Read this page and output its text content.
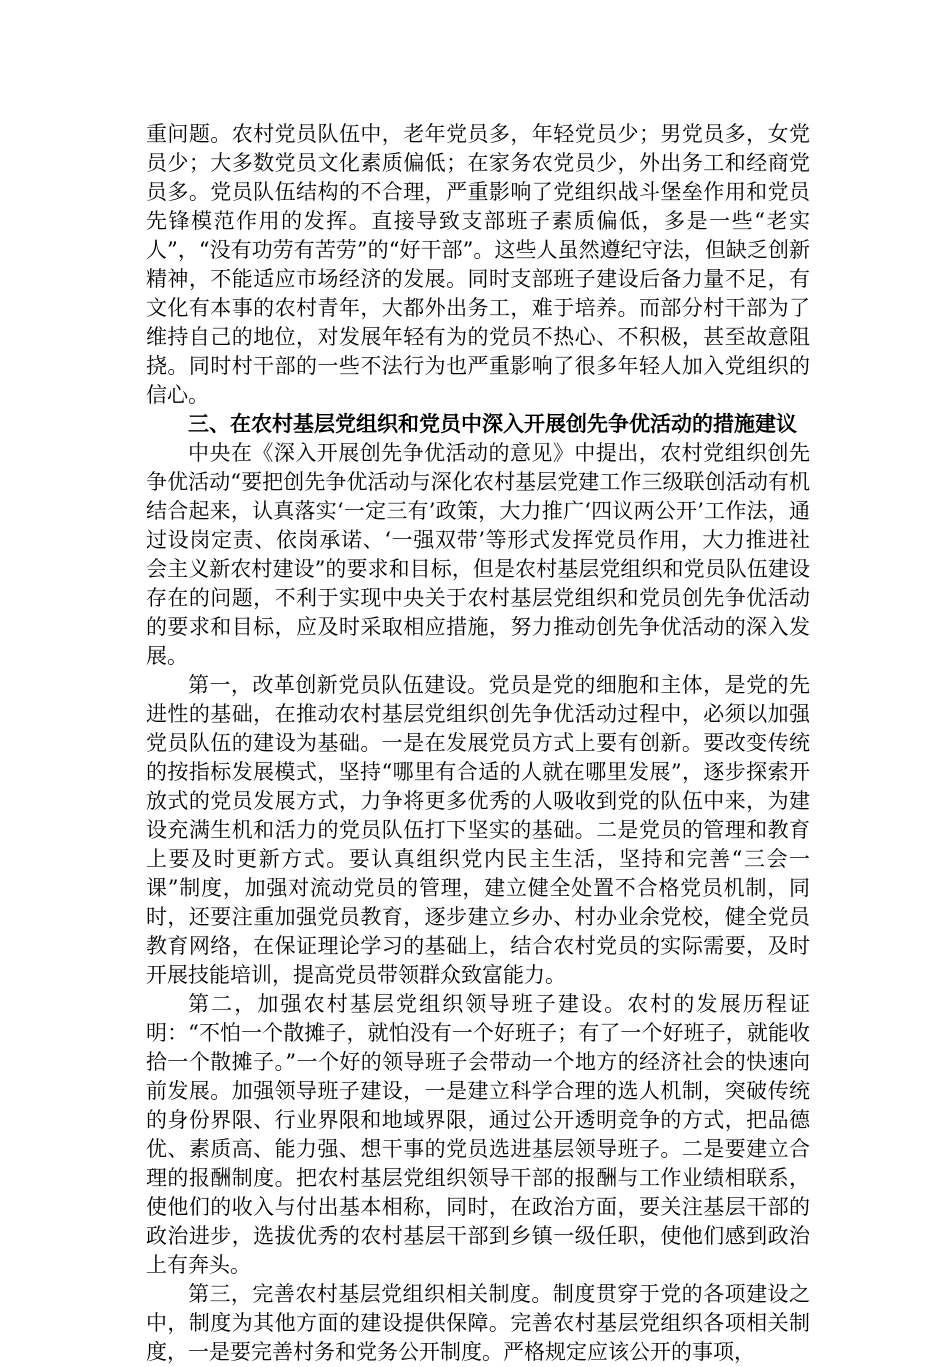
重问题。农村党员队伍中，老年党员多，年轻党员少；男党员多，女党员少；大多数党员文化素质偏低；在家务农党员少，外出务工和经商党员多。党员队伍结构的不合理，严重影响了党组织战斗堡垒作用和党员先锋模范作用的发挥。直接导致支部班子素质偏低，多是一些“老实人”，“没有功劳有苦劳”的“好干部”。这些人虽然遵纪守法，但缺乏创新精神，不能适应市场经济的发展。同时支部班子建设后备力量不足，有文化有本事的农村青年，大都外出务工，难于培养。而部分村干部为了维持自己的地位，对发展年轻有为的党员不热心、不积极，甚至故意阻挠。同时村干部的一些不法行为也严重影响了很多年轻人加入党组织的信心。

三、在农村基层党组织和党员中深入开展创先争优活动的措施建议

中央在《深入开展创先争优活动的意见》中提出，农村党组织创先争优活动“要把创先争优活动与深化农村基层党建工作三级联创活动有机结合起来，认真落实‘一定三有’政策，大力推广‘四议两公开’工作法，通过设岗定责、依岗承诺、‘一强双带’等形式发挥党员作用，大力推进社会主义新农村建设”的要求和目标，但是农村基层党组织和党员队伍建设存在的问题，不利于实现中央关于农村基层党组织和党员创先争优活动的要求和目标，应及时采取相应措施，努力推动创先争优活动的深入发展。

第一，改革创新党员队伍建设。党员是党的细胞和主体，是党的先进性的基础，在推动农村基层党组织创先争优活动过程中，必须以加强党员队伍的建设为基础。一是在发展党员方式上要有创新。要改变传统的按指标发展模式，坚持“哪里有合适的人就在哪里发展”，逐步探索开放式的党员发展方式，力争将更多优秀的人吸收到党的队伍中来，为建设充满生机和活力的党员队伍打下坚实的基础。二是党员的管理和教育上要及时更新方式。要认真组织党内民主生活，坚持和完善“三会一课”制度，加强对流动党员的管理，建立健全处置不合格党员机制，同时，还要注重加强党员教育，逐步建立乡办、村办业余党校，健全党员教育网络，在保证理论学习的基础上，结合农村党员的实际需要，及时开展技能培训，提高党员带领群众致富能力。

第二，加强农村基层党组织领导班子建设。农村的发展历程证明：“不怕一个散摊子，就怕没有一个好班子；有了一个好班子，就能收拾一个散摊子。”一个好的领导班子会带动一个地方的经济社会的快速向前发展。加强领导班子建设，一是建立科学合理的选人机制，突破传统的身份界限、行业界限和地域界限，通过公开透明竞争的方式，把品德优、素质高、能力强、想干事的党员选进基层领导班子。二是要建立合理的报酬制度。把农村基层党组织领导干部的报酬与工作业绩相联系，使他们的收入与付出基本相称，同时，在政治方面，要关注基层干部的政治进步，选拔优秀的农村基层干部到乡镇一级任职，使他们感到政治上有奔头。

第三，完善农村基层党组织相关制度。制度贯穿于党的各项建设之中，制度为其他方面的建设提供保障。完善农村基层党组织各项相关制度，一是要完善村务和党务公开制度。严格规定应该公开的事项，
